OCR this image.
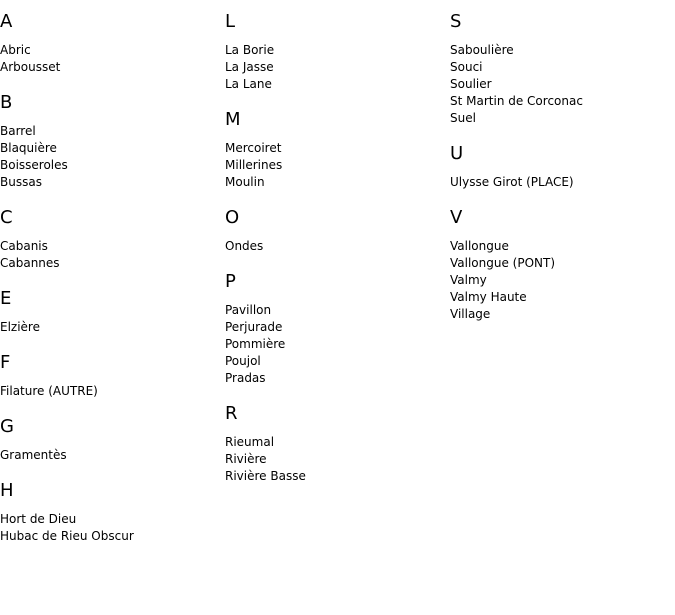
A
Abric
Arbousset
B
Barrel
Blaquière
Boisseroles
Bussas
C
Cabanis
Cabannes
E
Elzière
F
Filature (AUTRE)
G
Gramentès
H
Hort de Dieu
Hubac de Rieu Obscur
L
La Borie
La Jasse
La Lane
M
Mercoiret
Millerines
Moulin
O
Ondes
P
Pavillon
Perjurade
Pommière
Poujol
Pradas
R
Rieumal
Rivière
Rivière Basse
S
Saboulière
Souci
Soulier
St Martin de Corconac
Suel
U
Ulysse Girot (PLACE)
V
Vallongue
Vallongue (PONT)
Valmy
Valmy Haute
Village
